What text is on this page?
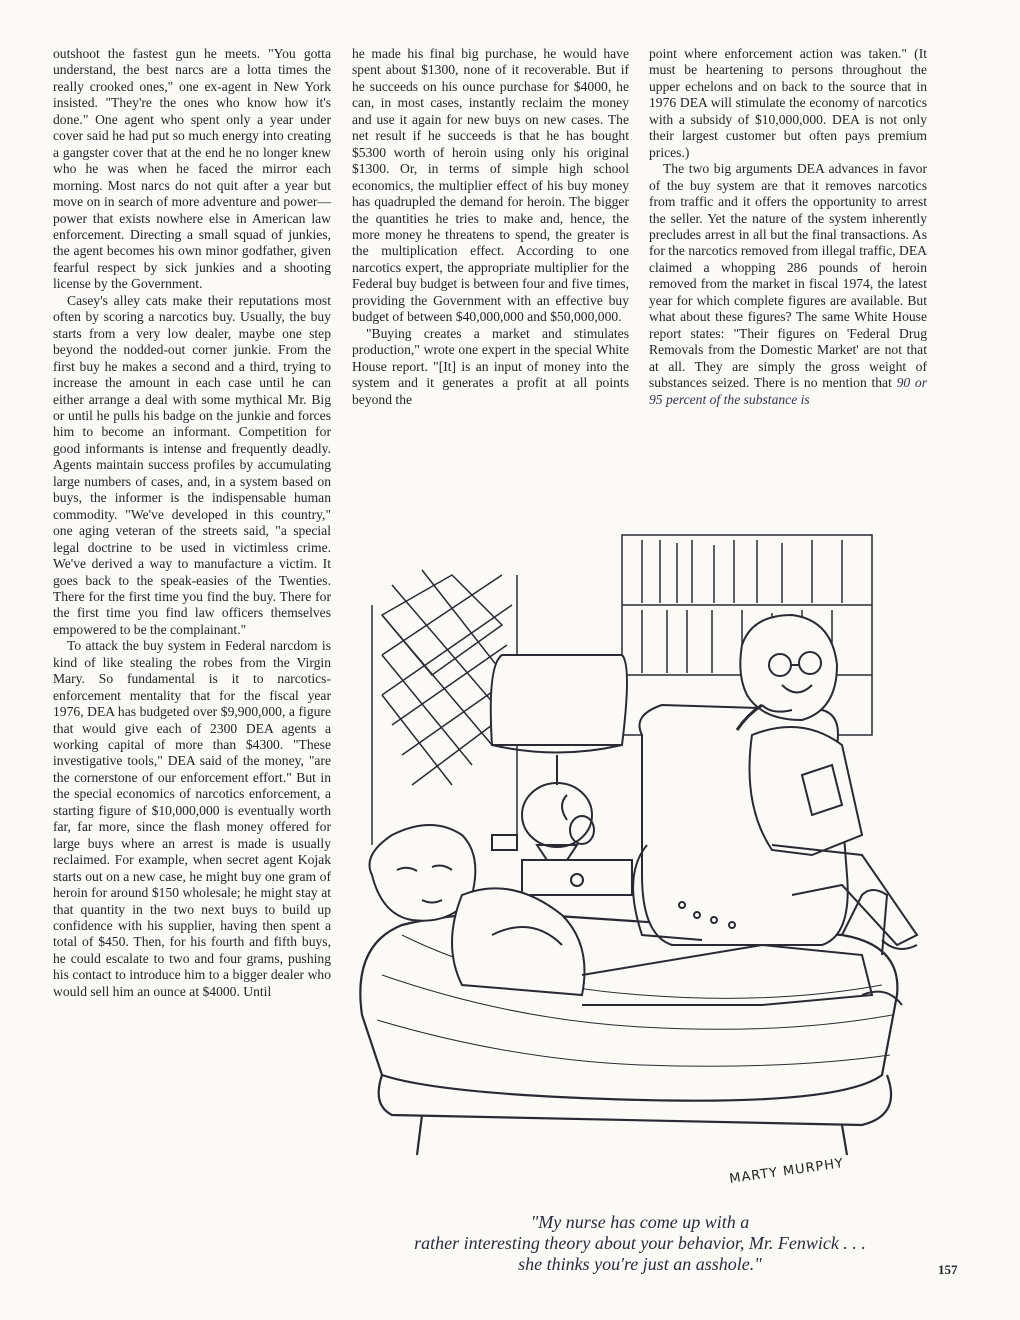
outshoot the fastest gun he meets. "You gotta understand, the best narcs are a lotta times the really crooked ones," one ex-agent in New York insisted. "They're the ones who know how it's done." One agent who spent only a year under cover said he had put so much energy into creating a gangster cover that at the end he no longer knew who he was when he faced the mirror each morning. Most narcs do not quit after a year but move on in search of more adventure and power—power that exists nowhere else in American law enforcement. Directing a small squad of junkies, the agent becomes his own minor godfather, given fearful respect by sick junkies and a shooting license by the Government.

Casey's alley cats make their reputations most often by scoring a narcotics buy. Usually, the buy starts from a very low dealer, maybe one step beyond the nodded-out corner junkie. From the first buy he makes a second and a third, trying to increase the amount in each case until he can either arrange a deal with some mythical Mr. Big or until he pulls his badge on the junkie and forces him to become an informant. Competition for good informants is intense and frequently deadly. Agents maintain success profiles by accumulating large numbers of cases, and, in a system based on buys, the informer is the indispensable human commodity. "We've developed in this country," one aging veteran of the streets said, "a special legal doctrine to be used in victimless crime. We've derived a way to manufacture a victim. It goes back to the speak-easies of the Twenties. There for the first time you find the buy. There for the first time you find law officers themselves empowered to be the complainant."

To attack the buy system in Federal narcdom is kind of like stealing the robes from the Virgin Mary. So fundamental is it to narcotics-enforcement mentality that for the fiscal year 1976, DEA has budgeted over $9,900,000, a figure that would give each of 2300 DEA agents a working capital of more than $4300. "These investigative tools," DEA said of the money, "are the cornerstone of our enforcement effort." But in the special economics of narcotics enforcement, a starting figure of $10,000,000 is eventually worth far, far more, since the flash money offered for large buys where an arrest is made is usually reclaimed. For example, when secret agent Kojak starts out on a new case, he might buy one gram of heroin for around $150 wholesale; he might stay at that quantity in the two next buys to build up confidence with his supplier, having then spent a total of $450. Then, for his fourth and fifth buys, he could escalate to two and four grams, pushing his contact to introduce him to a bigger dealer who would sell him an ounce at $4000. Until

he made his final big purchase, he would have spent about $1300, none of it recoverable. But if he succeeds on his ounce purchase for $4000, he can, in most cases, instantly reclaim the money and use it again for new buys on new cases. The net result if he succeeds is that he has bought $5300 worth of heroin using only his original $1300. Or, in terms of simple high school economics, the multiplier effect of his buy money has quadrupled the demand for heroin. The bigger the quantities he tries to make and, hence, the more money he threatens to spend, the greater is the multiplication effect. According to one narcotics expert, the appropriate multiplier for the Federal buy budget is between four and five times, providing the Government with an effective buy budget of between $40,000,000 and $50,000,000.

"Buying creates a market and stimulates production," wrote one expert in the special White House report. "[It] is an input of money into the system and it generates a profit at all points beyond the

point where enforcement action was taken." (It must be heartening to persons throughout the upper echelons and on back to the source that in 1976 DEA will stimulate the economy of narcotics with a subsidy of $10,000,000. DEA is not only their largest customer but often pays premium prices.)

The two big arguments DEA advances in favor of the buy system are that it removes narcotics from traffic and it offers the opportunity to arrest the seller. Yet the nature of the system inherently precludes arrest in all but the final transactions. As for the narcotics removed from illegal traffic, DEA claimed a whopping 286 pounds of heroin removed from the market in fiscal 1974, the latest year for which complete figures are available. But what about these figures? The same White House report states: "Their figures on 'Federal Drug Removals from the Domestic Market' are not that at all. They are simply the gross weight of substances seized. There is no mention that 90 or 95 percent of the substance is

MARTY MURPHY
"My nurse has come up with a
rather interesting theory about your behavior, Mr. Fenwick . . .
she thinks you're just an asshole."	157
